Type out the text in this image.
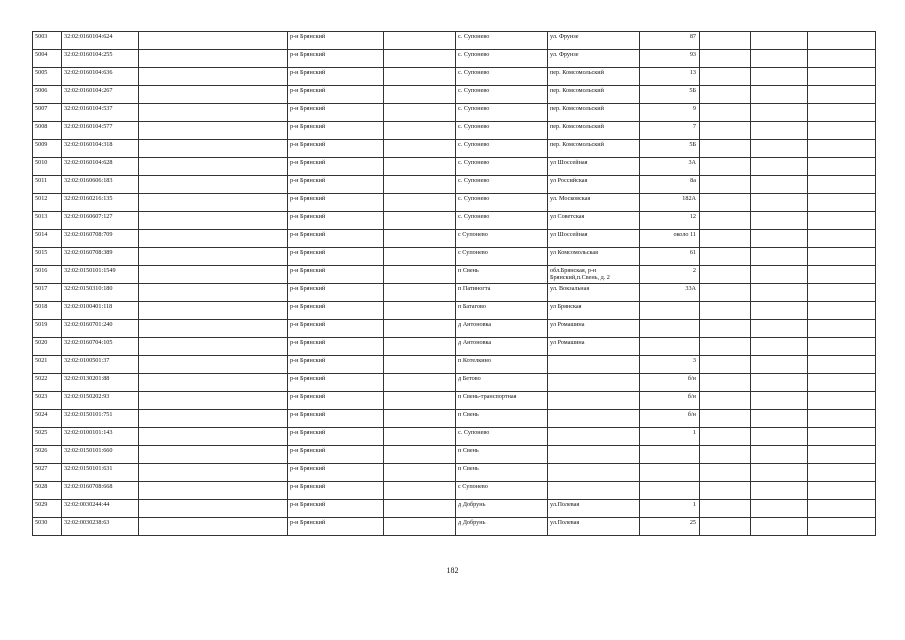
5003	32:02:0160104:624		р-н Брянский		с. Супонево	ул. Фрунзе	87			
5004	32:02:0160104:255		р-н Брянский		с. Супонево	ул. Фрунзе	93			
5005	32:02:0160104:636		р-н Брянский		с. Супонево	пер. Комсомольский	13			
5006	32:02:0160104:267		р-н Брянский		с. Супонево	пер. Комсомольский	5Б			
5007	32:02:0160104:537		р-н Брянский		с. Супонево	пер. Комсомольский	9			
5008	32:02:0160104:577		р-н Брянский		с. Супонево	пер. Комсомольский	7			
5009	32:02:0160104:318		р-н Брянский		с. Супонево	пер. Комсомольский	5Б			
5010	32:02:0160104:628		р-н Брянский		с. Супонево	ул Шоссейная	3А			
5011	32:02:0160606:183		р-н Брянский		с. Супонево	ул Российская	8а			
5012	32:02:0160216:135		р-н Брянский		с. Супонево	ул. Московская	182А			
5013	32:02:0160607:127		р-н Брянский		с. Супонево	ул Советская	12			
5014	32:02:0160708:709		р-н Брянский		с Супонево	ул Шоссейная	около 11			
5015	32:02:0160708:389		р-н Брянский		с Супонево	ул Комсомольская	61			
5016	32:02:0150101:1549		р-н Брянский		п Свень	обл.Брянская, р-н Брянский,п.Свень, д. 2	2			
5017	32:02:0150310:180		р-н Брянский		п Патиногта	ул. Вокзальная	33А			
5018	32:02:0100401:118		р-н Брянский		п Батагово	ул Брянская				
5019	32:02:0160701:240		р-н Брянский		д Антоновка	ул Ромашина				
5020	32:02:0160704:105		р-н Брянский		д Антоновка	ул Ромашина				
5021	32:02:0100501:37		р-н Брянский		п Котелкино		3			
5022	32:02:0130201:88		р-н Брянский		д Бетово		б/н			
5023	32:02:0150202:93		р-н Брянский		п Свень-транспортная		б/н			
5024	32:02:0150101:751		р-н Брянский		п Свень		б/н			
5025	32:02:0100101:143		р-н Брянский		с. Супонево		1			
5026	32:02:0150101:660		р-н Брянский		п Свень					
5027	32:02:0150101:631		р-н Брянский		п Свень					
5028	32:02:0160708:668		р-н Брянский		с Супонево					
5029	32:02:0030244:44		р-н Брянский		д Добрунь	ул.Полевая	1			
5030	32:02:0030238:63		р-н Брянский		д Добрунь	ул.Полевая	25			
182
